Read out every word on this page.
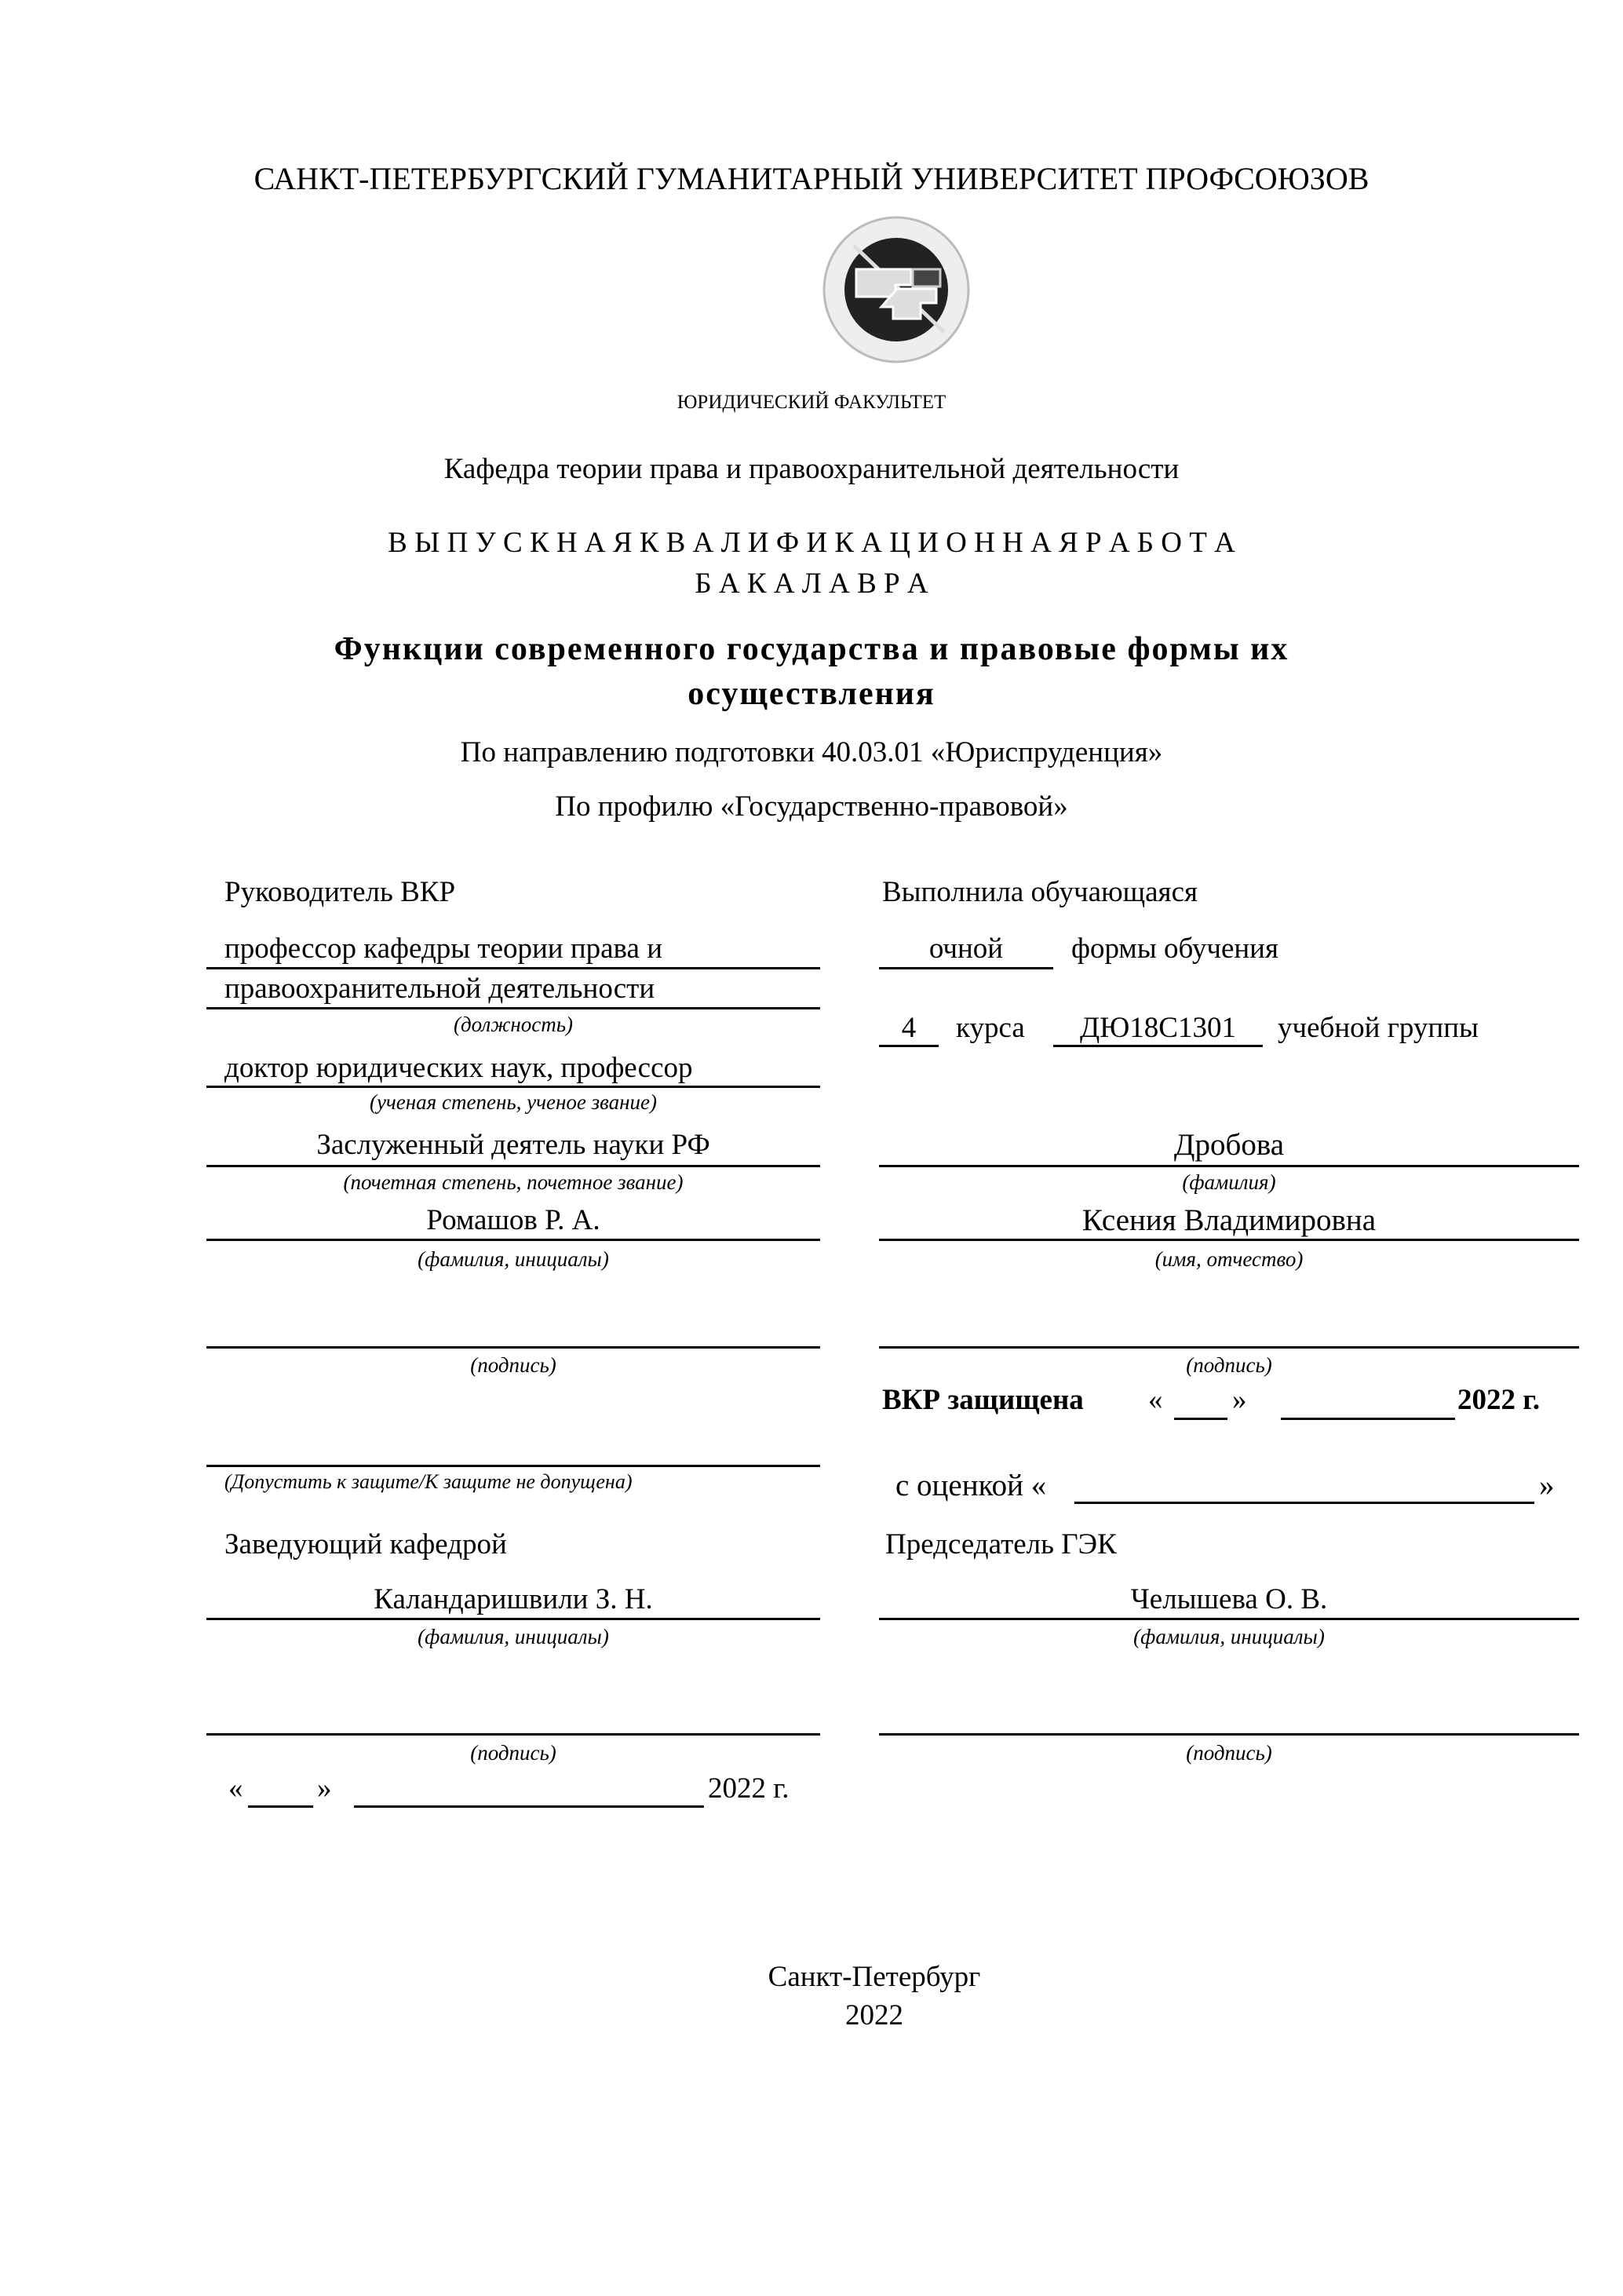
САНКТ-ПЕТЕРБУРГСКИЙ ГУМАНИТАРНЫЙ УНИВЕРСИТЕТ ПРОФСОЮЗОВ
ЮРИДИЧЕСКИЙ ФАКУЛЬТЕТ
Кафедра теории права и правоохранительной деятельности
В Ы П У С К Н А Я К В А Л И Ф И К А Ц И О Н Н А Я Р А Б О Т А
Б А К А Л А В Р А
Функции современного государства и правовые формы их
осуществления
По направлению подготовки 40.03.01 «Юриспруденция»
По профилю «Государственно-правовой»
Руководитель ВКР
профессор кафедры теории права и
правоохранительной деятельности
(должность)
доктор юридических наук, профессор
(ученая степень, ученое звание)
Заслуженный деятель науки РФ
(почетная степень, почетное звание)
Ромашов Р. А.
(фамилия, инициалы)
(подпись)
(Допустить к защите/К защите не допущена)
Заведующий кафедрой
Каландаришвили З. Н.
(фамилия, инициалы)
(подпись)
«	»	2022 г.
Выполнила обучающаяся
очной	формы обучения
4	курса	ДЮ18С1301	учебной группы
Дробова
(фамилия)
Ксения Владимировна
(имя, отчество)
(подпись)
ВКР защищена « »	2022 г.
с оценкой «	»
Председатель ГЭК
Челышева О. В.
(фамилия, инициалы)
(подпись)
Санкт-Петербург
2022
